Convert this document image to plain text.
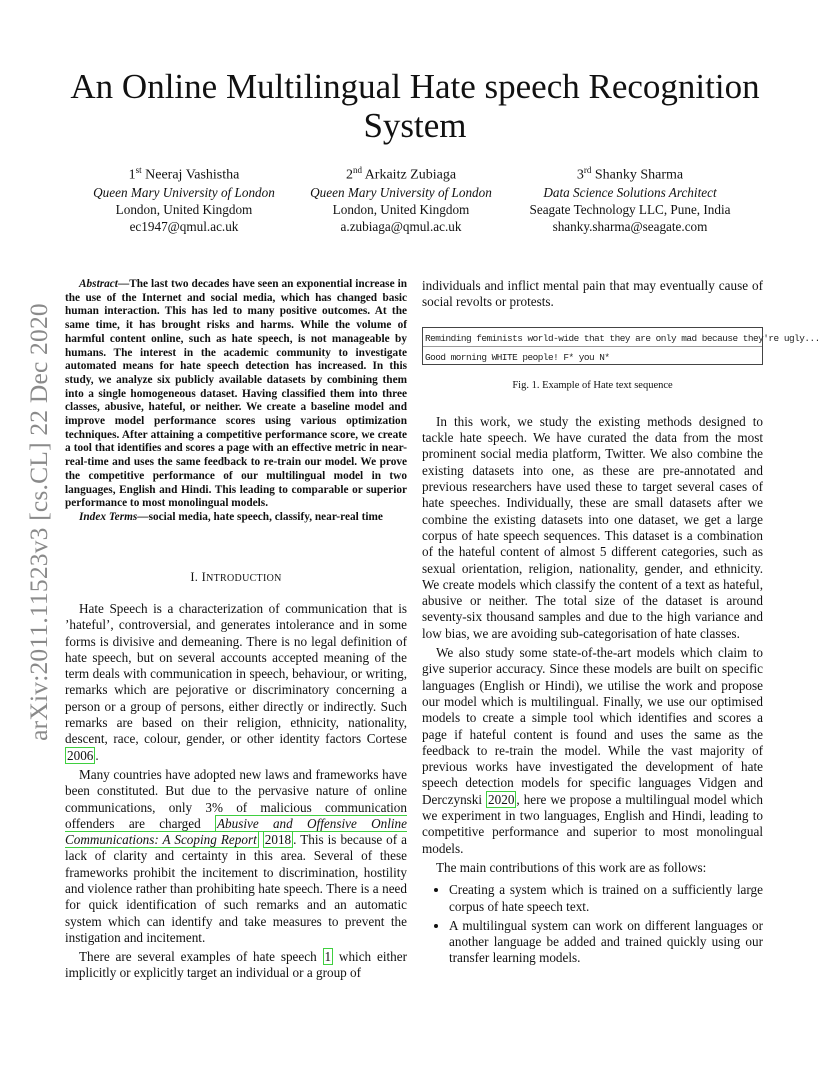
arXiv:2011.11523v3 [cs.CL] 22 Dec 2020
An Online Multilingual Hate speech Recognition System
1st Neeraj Vashistha
Queen Mary University of London
London, United Kingdom
ec1947@qmul.ac.uk
2nd Arkaitz Zubiaga
Queen Mary University of London
London, United Kingdom
a.zubiaga@qmul.ac.uk
3rd Shanky Sharma
Data Science Solutions Architect
Seagate Technology LLC, Pune, India
shanky.sharma@seagate.com

Abstract—The last two decades have seen an exponential increase in the use of the Internet and social media, which has changed basic human interaction. This has led to many positive outcomes. At the same time, it has brought risks and harms. While the volume of harmful content online, such as hate speech, is not manageable by humans. The interest in the academic community to investigate automated means for hate speech detection has increased. In this study, we analyze six publicly available datasets by combining them into a single homogeneous dataset. Having classified them into three classes, abusive, hateful, or neither. We create a baseline model and improve model performance scores using various optimization techniques. After attaining a competitive performance score, we create a tool that identifies and scores a page with an effective metric in near-real-time and uses the same feedback to re-train our model. We prove the competitive performance of our multilingual model in two languages, English and Hindi. This leading to comparable or superior performance to most monolingual models.

Index Terms—social media, hate speech, classify, near-real time

I. INTRODUCTION

Hate Speech is a characterization of communication that is ’hateful’, controversial, and generates intolerance and in some forms is divisive and demeaning. There is no legal definition of hate speech, but on several accounts accepted meaning of the term deals with communication in speech, behaviour, or writing, remarks which are pejorative or discriminatory concerning a person or a group of persons, either directly or indirectly. Such remarks are based on their religion, ethnicity, nationality, descent, race, colour, gender, or other identity factors Cortese 2006 .

Many countries have adopted new laws and frameworks have been constituted. But due to the pervasive nature of online communications, only 3% of malicious communication offenders are charged Abusive and Offensive Online Communications: A Scoping Report 2018 . This is because of a lack of clarity and certainty in this area. Several of these frameworks prohibit the incitement to discrimination, hostility and violence rather than prohibiting hate speech. There is a need for quick identification of such remarks and an automatic system which can identify and take measures to prevent the instigation and incitement.

There are several examples of hate speech 1 which either implicitly or explicitly target an individual or a group of

individuals and inflict mental pain that may eventually cause of social revolts or protests.

Reminding feminists world-wide that they are only mad because they're ugly...
Good morning WHITE people! F* you N*
Fig. 1. Example of Hate text sequence

In this work, we study the existing methods designed to tackle hate speech. We have curated the data from the most prominent social media platform, Twitter. We also combine the existing datasets into one, as these are pre-annotated and previous researchers have used these to target several cases of hate speeches. Individually, these are small datasets after we combine the existing datasets into one dataset, we get a large corpus of hate speech sequences. This dataset is a combination of the hateful content of almost 5 different categories, such as sexual orientation, religion, nationality, gender, and ethnicity. We create models which classify the content of a text as hateful, abusive or neither. The total size of the dataset is around seventy-six thousand samples and due to the high variance and low bias, we are avoiding sub-categorisation of hate classes.

We also study some state-of-the-art models which claim to give superior accuracy. Since these models are built on specific languages (English or Hindi), we utilise the work and propose our model which is multilingual. Finally, we use our optimised models to create a simple tool which identifies and scores a page if hateful content is found and uses the same as the feedback to re-train the model. While the vast majority of previous works have investigated the development of hate speech detection models for specific languages Vidgen and Derczynski 2020 , here we propose a multilingual model which we experiment in two languages, English and Hindi, leading to competitive performance and superior to most monolingual models.

The main contributions of this work are as follows:

• Creating a system which is trained on a sufficiently large corpus of hate speech text.
• A multilingual system can work on different languages or another language be added and trained quickly using our transfer learning models.
